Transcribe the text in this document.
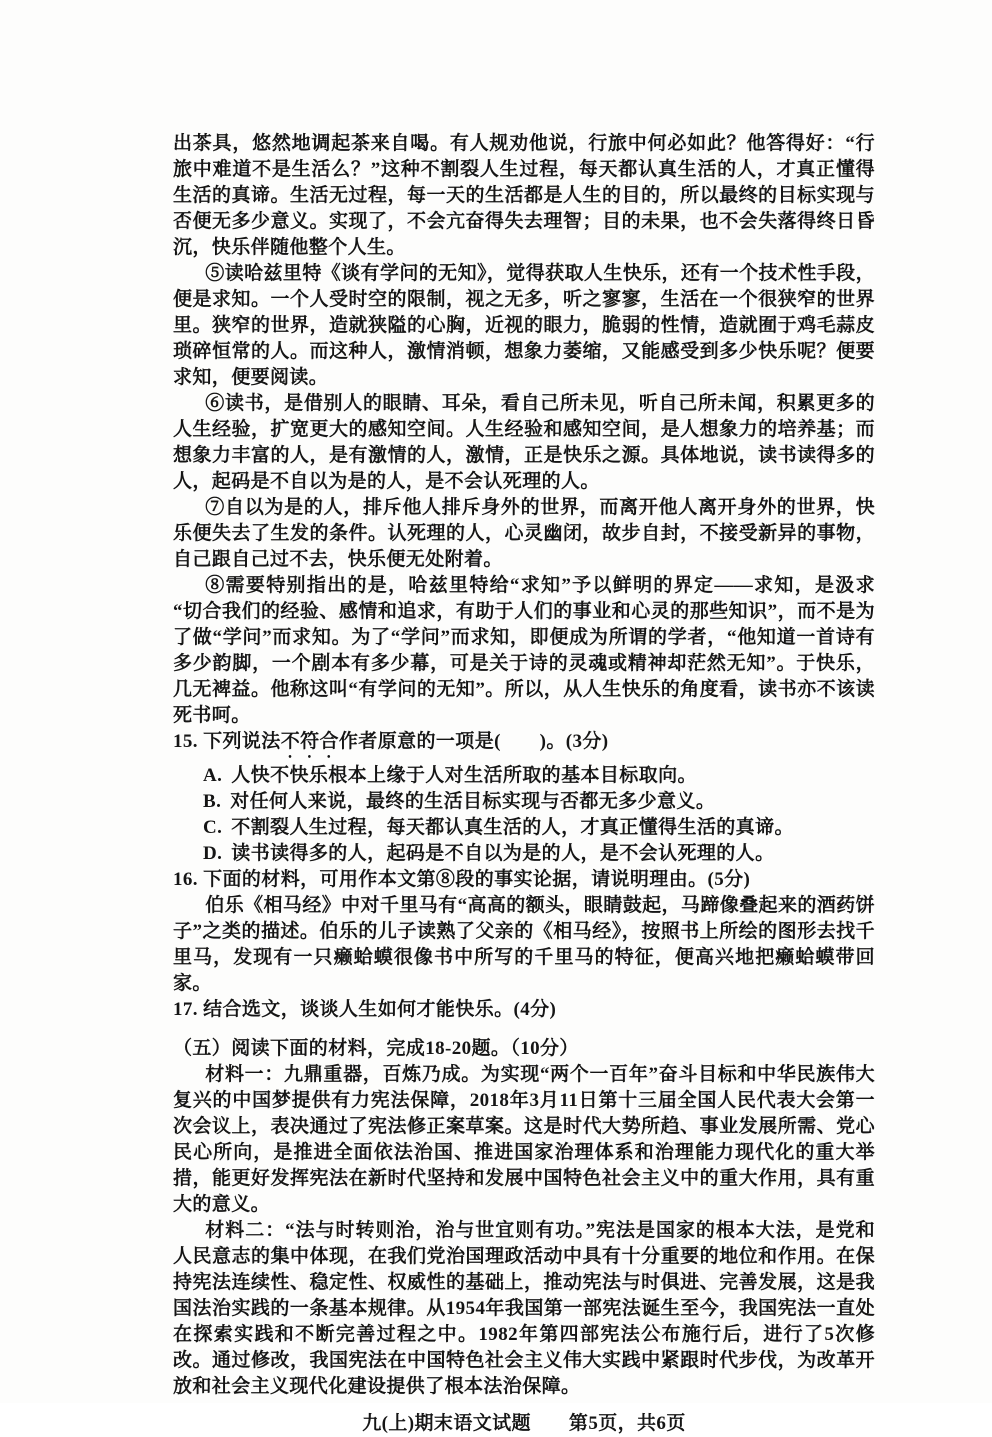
出茶具，悠然地调起茶来自喝。有人规劝他说，行旅中何必如此？他答得好：“行旅中难道不是生活么？”这种不割裂人生过程，每天都认真生活的人，才真正懂得生活的真谛。生活无过程，每一天的生活都是人生的目的，所以最终的目标实现与否便无多少意义。实现了，不会亢奋得失去理智；目的未果，也不会失落得终日昏沉，快乐伴随他整个人生。

⑤读哈兹里特《谈有学问的无知》，觉得获取人生快乐，还有一个技术性手段，便是求知。一个人受时空的限制，视之无多，听之寥寥，生活在一个很狭窄的世界里。狭窄的世界，造就狭隘的心胸，近视的眼力，脆弱的性情，造就囿于鸡毛蒜皮琐碎恒常的人。而这种人，激情消顿，想象力萎缩，又能感受到多少快乐呢？便要求知，便要阅读。

⑥读书，是借别人的眼睛、耳朵，看自己所未见，听自己所未闻，积累更多的人生经验，扩宽更大的感知空间。人生经验和感知空间，是人想象力的培养基；而想象力丰富的人，是有激情的人，激情，正是快乐之源。具体地说，读书读得多的人，起码是不自以为是的人，是不会认死理的人。

⑦自以为是的人，排斥他人排斥身外的世界，而离开他人离开身外的世界，快乐便失去了生发的条件。认死理的人，心灵幽闭，故步自封，不接受新异的事物，自己跟自己过不去，快乐便无处附着。

⑧需要特别指出的是，哈兹里特给“求知”予以鲜明的界定——求知，是汲求“切合我们的经验、感情和追求，有助于人们的事业和心灵的那些知识”，而不是为了做“学问”而求知。为了“学问”而求知，即便成为所谓的学者，“他知道一首诗有多少韵脚，一个剧本有多少幕，可是关于诗的灵魂或精神却茫然无知”。于快乐，几无裨益。他称这叫“有学问的无知”。所以，从人生快乐的角度看，读书亦不该读死书呵。

15. 下列说法不符合作者原意的一项是(　　)。(3分)

A. 人快不快乐根本上缘于人对生活所取的基本目标取向。
B. 对任何人来说，最终的生活目标实现与否都无多少意义。
C. 不割裂人生过程，每天都认真生活的人，才真正懂得生活的真谛。
D. 读书读得多的人，起码是不自以为是的人，是不会认死理的人。

16. 下面的材料，可用作本文第⑧段的事实论据，请说明理由。(5分)

伯乐《相马经》中对千里马有“高高的额头，眼睛鼓起，马蹄像叠起来的酒药饼子”之类的描述。伯乐的儿子读熟了父亲的《相马经》，按照书上所绘的图形去找千里马，发现有一只癞蛤蟆很像书中所写的千里马的特征，便高兴地把癞蛤蟆带回家。

17. 结合选文，谈谈人生如何才能快乐。(4分)

（五）阅读下面的材料，完成18-20题。（10分）

材料一：九鼎重器，百炼乃成。为实现“两个一百年”奋斗目标和中华民族伟大复兴的中国梦提供有力宪法保障，2018年3月11日第十三届全国人民代表大会第一次会议上，表决通过了宪法修正案草案。这是时代大势所趋、事业发展所需、党心民心所向，是推进全面依法治国、推进国家治理体系和治理能力现代化的重大举措，能更好发挥宪法在新时代坚持和发展中国特色社会主义中的重大作用，具有重大的意义。

材料二：“法与时转则治，治与世宜则有功。”宪法是国家的根本大法，是党和人民意志的集中体现，在我们党治国理政活动中具有十分重要的地位和作用。在保持宪法连续性、稳定性、权威性的基础上，推动宪法与时俱进、完善发展，这是我国法治实践的一条基本规律。从1954年我国第一部宪法诞生至今，我国宪法一直处在探索实践和不断完善过程之中。1982年第四部宪法公布施行后，进行了5次修改。通过修改，我国宪法在中国特色社会主义伟大实践中紧跟时代步伐，为改革开放和社会主义现代化建设提供了根本法治保障。

九(上)期末语文试题 第5页，共6页
